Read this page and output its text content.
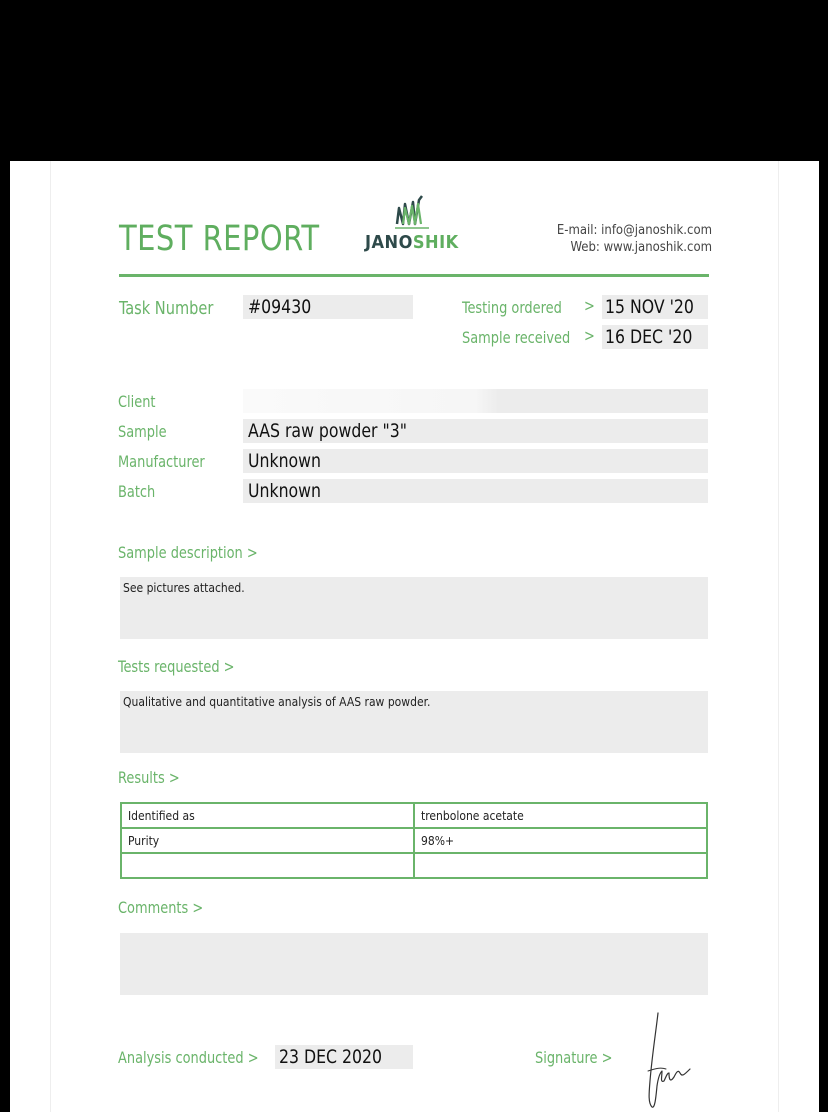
TEST REPORT	JANOSHIK
E-mail: info@janoshik.com
Web: www.janoshik.com
Task Number #09430	Testing ordered > 15 NOV '20
Sample received > 16 DEC '20
Client
Sample	AAS raw powder "3"
Manufacturer Unknown
Batch	Unknown
Sample description >
See pictures attached.
Tests requested >
Qualitative and quantitative analysis of AAS raw powder.
Results >
Identified as	trenbolone acetate
Purity	98%+

Comments >
Analysis conducted > 23 DEC 2020	Signature >
